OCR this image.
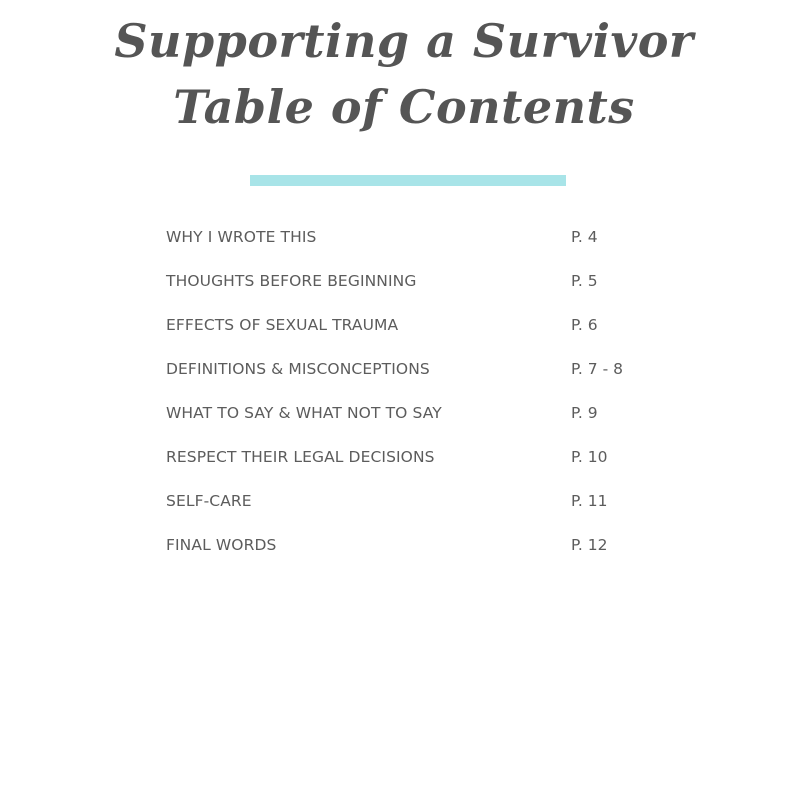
Supporting a Survivor
Table of Contents
WHY I WROTE THIS	P. 4
THOUGHTS BEFORE BEGINNING	P. 5
EFFECTS OF SEXUAL TRAUMA	P. 6
DEFINITIONS & MISCONCEPTIONS	P. 7 - 8
WHAT TO SAY & WHAT NOT TO SAY	P. 9
RESPECT THEIR LEGAL DECISIONS	P. 10
SELF-CARE	P. 11
FINAL WORDS	P. 12
